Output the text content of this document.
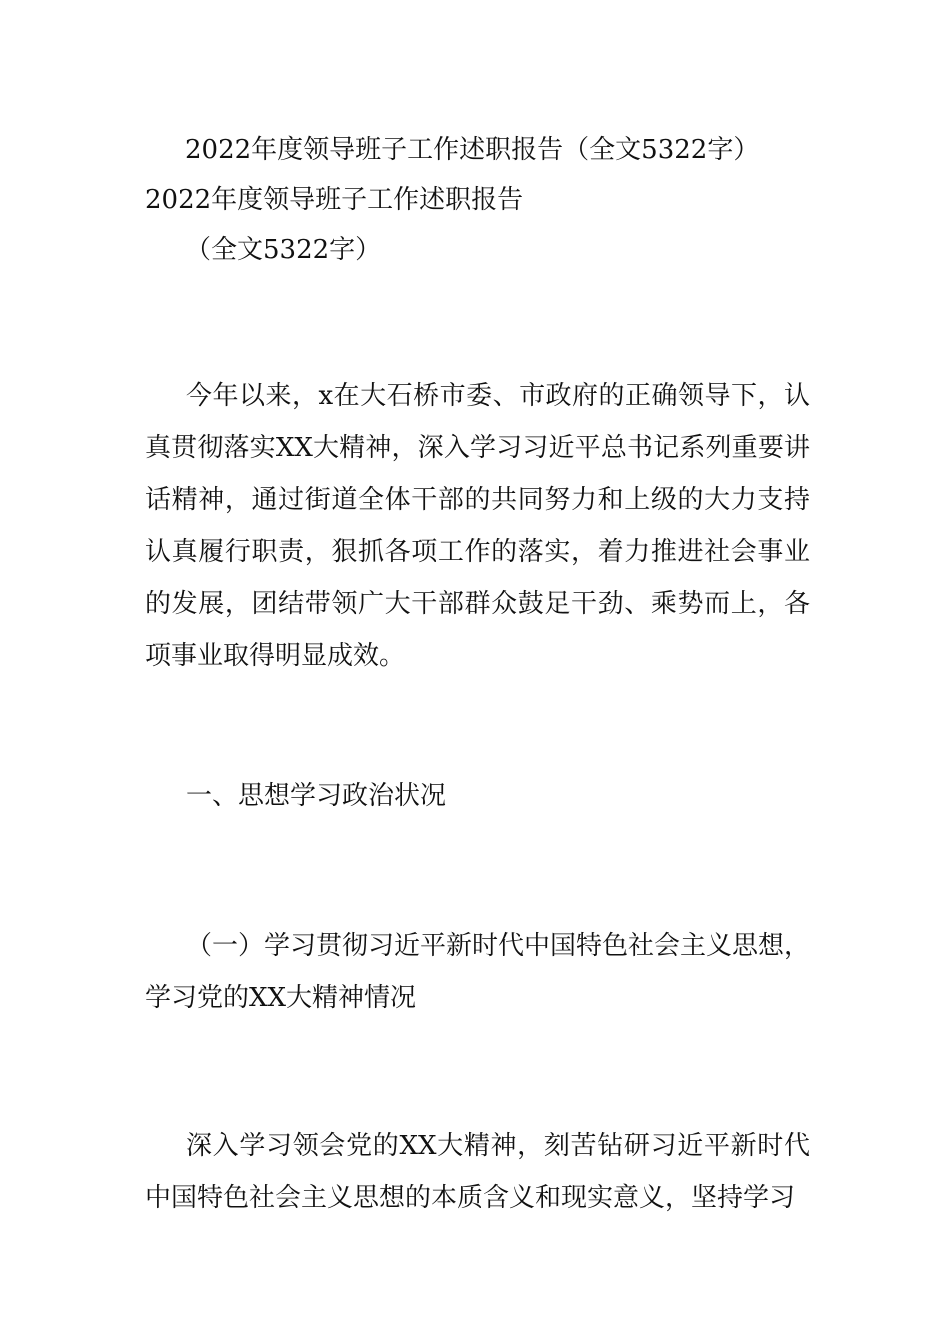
2022年度领导班子工作述职报告（全文5322字）
2022年度领导班子工作述职报告
（全文5322字）
今年以来，x在大石桥市委、市政府的正确领导下，认真贯彻落实XX大精神，深入学习习近平总书记系列重要讲话精神，通过街道全体干部的共同努力和上级的大力支持认真履行职责，狠抓各项工作的落实，着力推进社会事业的发展，团结带领广大干部群众鼓足干劲、乘势而上，各项事业取得明显成效。
一、思想学习政治状况
（一）学习贯彻习近平新时代中国特色社会主义思想，学习党的XX大精神情况
深入学习领会党的XX大精神，刻苦钻研习近平新时代中国特色社会主义思想的本质含义和现实意义，坚持学习
